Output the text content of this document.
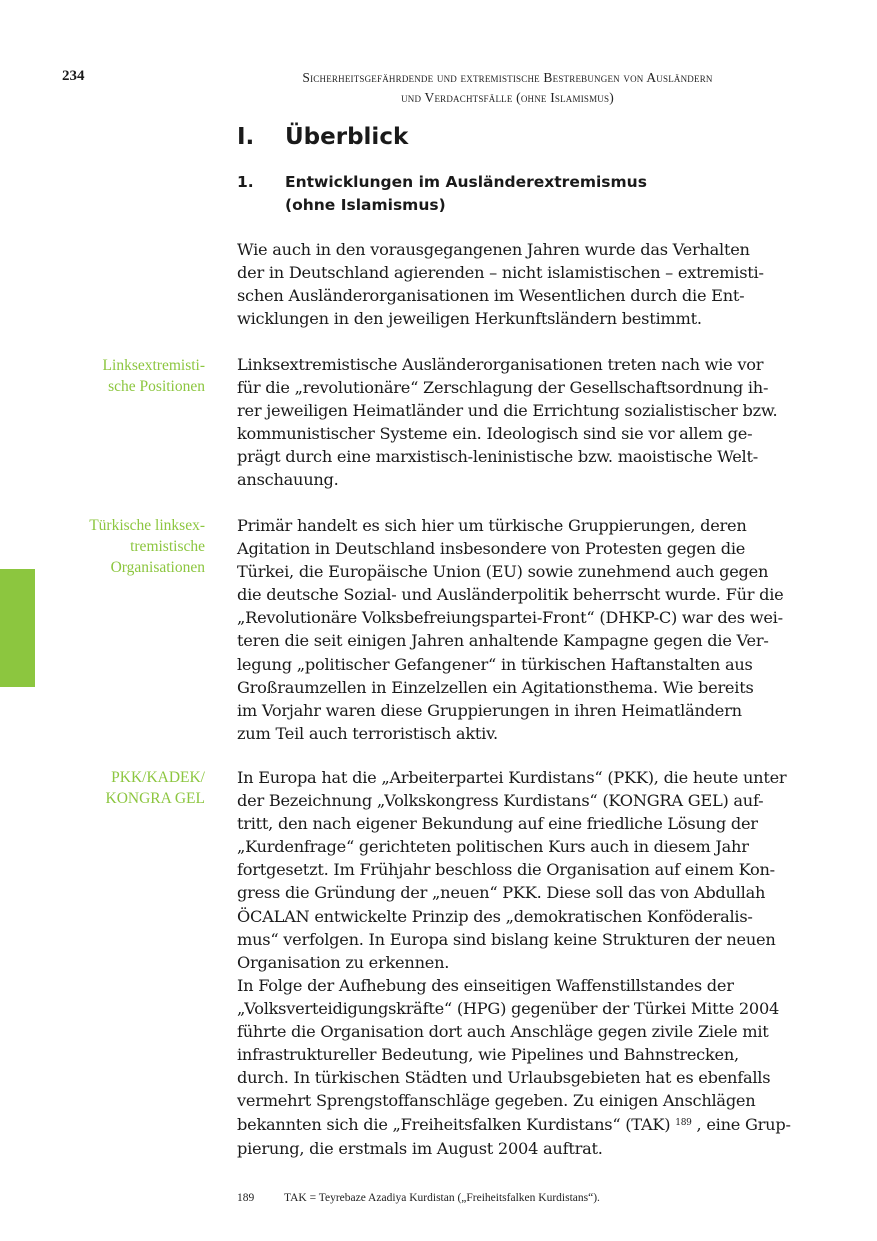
234	Sicherheitsgefährdende und extremistische Bestrebungen von Ausländern
und Verdachtsfälle (ohne Islamismus)
I. Überblick
1. Entwicklungen im Ausländerextremismus
(ohne Islamismus)
Wie auch in den vorausgegangenen Jahren wurde das Verhalten
der in Deutschland agierenden – nicht islamistischen – extremisti-
schen Ausländerorganisationen im Wesentlichen durch die Ent-
wicklungen in den jeweiligen Herkunftsländern bestimmt.
Linksextremisti-
sche Positionen
Linksextremistische Ausländerorganisationen treten nach wie vor
für die „revolutionäre“ Zerschlagung der Gesellschaftsordnung ih-
rer jeweiligen Heimatländer und die Errichtung sozialistischer bzw.
kommunistischer Systeme ein. Ideologisch sind sie vor allem ge-
prägt durch eine marxistisch-leninistische bzw. maoistische Welt-
anschauung.
Türkische linksex-
tremistische
Organisationen
Primär handelt es sich hier um türkische Gruppierungen, deren
Agitation in Deutschland insbesondere von Protesten gegen die
Türkei, die Europäische Union (EU) sowie zunehmend auch gegen
die deutsche Sozial- und Ausländerpolitik beherrscht wurde. Für die
„Revolutionäre Volksbefreiungspartei-Front“ (DHKP-C) war des wei-
teren die seit einigen Jahren anhaltende Kampagne gegen die Ver-
legung „politischer Gefangener“ in türkischen Haftanstalten aus
Großraumzellen in Einzelzellen ein Agitationsthema. Wie bereits
im Vorjahr waren diese Gruppierungen in ihren Heimatländern
zum Teil auch terroristisch aktiv.
PKK/KADEK/
KONGRA GEL
In Europa hat die „Arbeiterpartei Kurdistans“ (PKK), die heute unter
der Bezeichnung „Volkskongress Kurdistans“ (KONGRA GEL) auf-
tritt, den nach eigener Bekundung auf eine friedliche Lösung der
„Kurdenfrage“ gerichteten politischen Kurs auch in diesem Jahr
fortgesetzt. Im Frühjahr beschloss die Organisation auf einem Kon-
gress die Gründung der „neuen“ PKK. Diese soll das von Abdullah
ÖCALAN entwickelte Prinzip des „demokratischen Konföderalis-
mus“ verfolgen. In Europa sind bislang keine Strukturen der neuen
Organisation zu erkennen.
In Folge der Aufhebung des einseitigen Waffenstillstandes der
„Volksverteidigungskräfte“ (HPG) gegenüber der Türkei Mitte 2004
führte die Organisation dort auch Anschläge gegen zivile Ziele mit
infrastruktureller Bedeutung, wie Pipelines und Bahnstrecken,
durch. In türkischen Städten und Urlaubsgebieten hat es ebenfalls
vermehrt Sprengstoffanschläge gegeben. Zu einigen Anschlägen
bekannten sich die „Freiheitsfalken Kurdistans“ (TAK) $^{189}$ , eine Grup-
pierung, die erstmals im August 2004 auftrat.
189	TAK = Teyrebaze Azadiya Kurdistan („Freiheitsfalken Kurdistans“).
